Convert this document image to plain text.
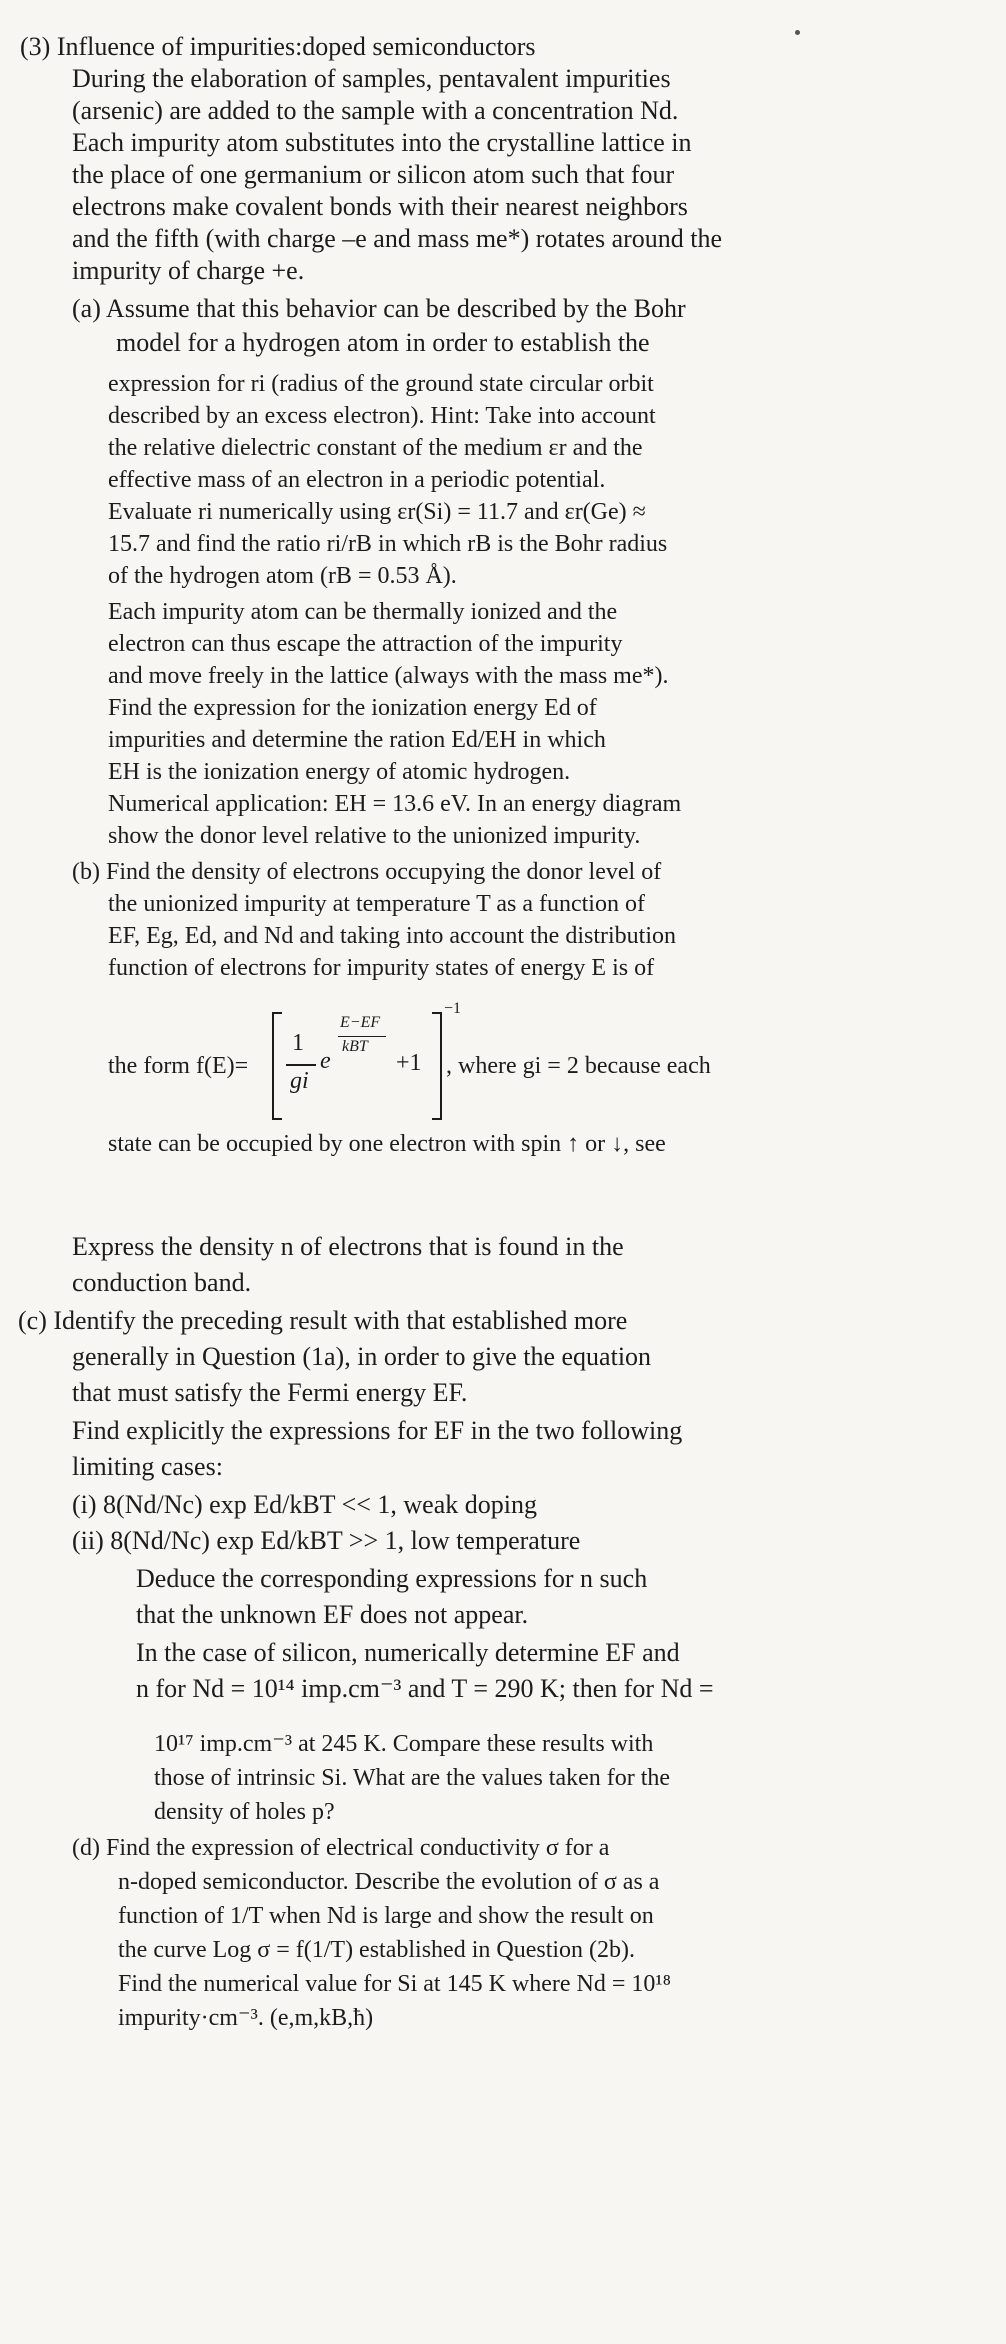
(3) Influence of impurities:doped semiconductors
During the elaboration of samples, pentavalent impurities
(arsenic) are added to the sample with a concentration Nd.
Each impurity atom substitutes into the crystalline lattice in
the place of one germanium or silicon atom such that four
electrons make covalent bonds with their nearest neighbors
and the fifth (with charge –e and mass me*) rotates around the
impurity of charge +e.
(a) Assume that this behavior can be described by the Bohr
model for a hydrogen atom in order to establish the
expression for ri (radius of the ground state circular orbit
described by an excess electron). Hint: Take into account
the relative dielectric constant of the medium εr and the
effective mass of an electron in a periodic potential.
Evaluate ri numerically using εr(Si) = 11.7 and εr(Ge) ≈
15.7 and find the ratio ri/rB in which rB is the Bohr radius
of the hydrogen atom (rB = 0.53 Å).
Each impurity atom can be thermally ionized and the
electron can thus escape the attraction of the impurity
and move freely in the lattice (always with the mass me*).
Find the expression for the ionization energy Ed of
impurities and determine the ration Ed/EH in which
EH is the ionization energy of atomic hydrogen.
Numerical application: EH = 13.6 eV. In an energy diagram
show the donor level relative to the unionized impurity.
(b) Find the density of electrons occupying the donor level of
the unionized impurity at temperature T as a function of
EF, Eg, Ed, and Nd and taking into account the distribution
function of electrons for impurity states of energy E is of
the form f(E)=
1
gi
e
E−EF
kBT
+1
−1
, where gi = 2 because each
state can be occupied by one electron with spin ↑ or ↓, see
Express the density n of electrons that is found in the
conduction band.
(c) Identify the preceding result with that established more
generally in Question (1a), in order to give the equation
that must satisfy the Fermi energy EF.
Find explicitly the expressions for EF in the two following
limiting cases:
(i) 8(Nd/Nc) exp Ed/kBT << 1, weak doping
(ii) 8(Nd/Nc) exp Ed/kBT >> 1, low temperature
Deduce the corresponding expressions for n such
that the unknown EF does not appear.
In the case of silicon, numerically determine EF and
n for Nd = 10¹⁴ imp.cm⁻³ and T = 290 K; then for Nd =
10¹⁷ imp.cm⁻³ at 245 K. Compare these results with
those of intrinsic Si. What are the values taken for the
density of holes p?
(d) Find the expression of electrical conductivity σ for a
n-doped semiconductor. Describe the evolution of σ as a
function of 1/T when Nd is large and show the result on
the curve Log σ = f(1/T) established in Question (2b).
Find the numerical value for Si at 145 K where Nd = 10¹⁸
impurity·cm⁻³. (e,m,kB,ħ)
